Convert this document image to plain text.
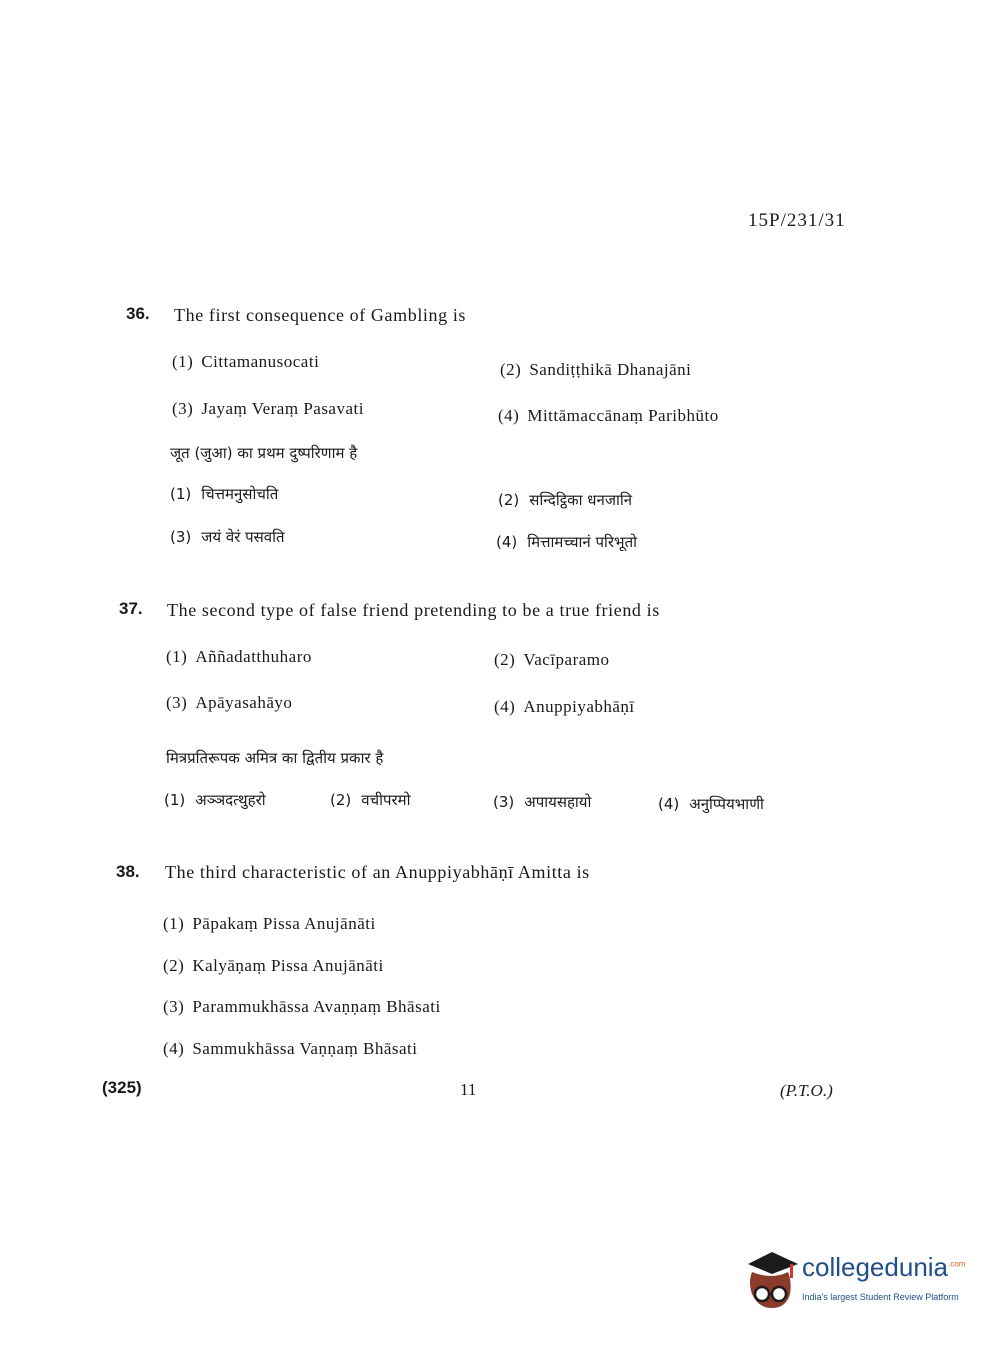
15P/231/31
36. The first consequence of Gambling is
(1) Cittamanusocati	(2) Sandiṭṭhikā Dhanajāni
(3) Jayaṃ Veraṃ Pasavati	(4) Mittāmaccānaṃ Paribhūto
जूत (जुआ) का प्रथम दुष्परिणाम है
(1) चित्तमनुसोचति	(2) सन्दिट्ठिका धनजानि
(3) जयं वेरं पसवति	(4) मित्तामच्चानं परिभूतो
37. The second type of false friend pretending to be a true friend is
(1) Aññadatthuharo	(2) Vacīparamo
(3) Apāyasahāyo	(4) Anuppiyabhāṇī
मित्रप्रतिरूपक अमित्र का द्वितीय प्रकार है
(1) अञ्ञदत्थुहरो	(2) वचीपरमो	(3) अपायसहायो	(4) अनुप्पियभाणी
38. The third characteristic of an Anuppiyabhāṇī Amitta is
(1) Pāpakaṃ Pissa Anujānāti
(2) Kalyāṇaṃ Pissa Anujānāti
(3) Parammukhāssa Avaṇṇaṃ Bhāsati
(4) Sammukhāssa Vaṇṇaṃ Bhāsati
(325)	11	(P.T.O.)
collegedunia$^{.com}$
India's largest Student Review Platform
